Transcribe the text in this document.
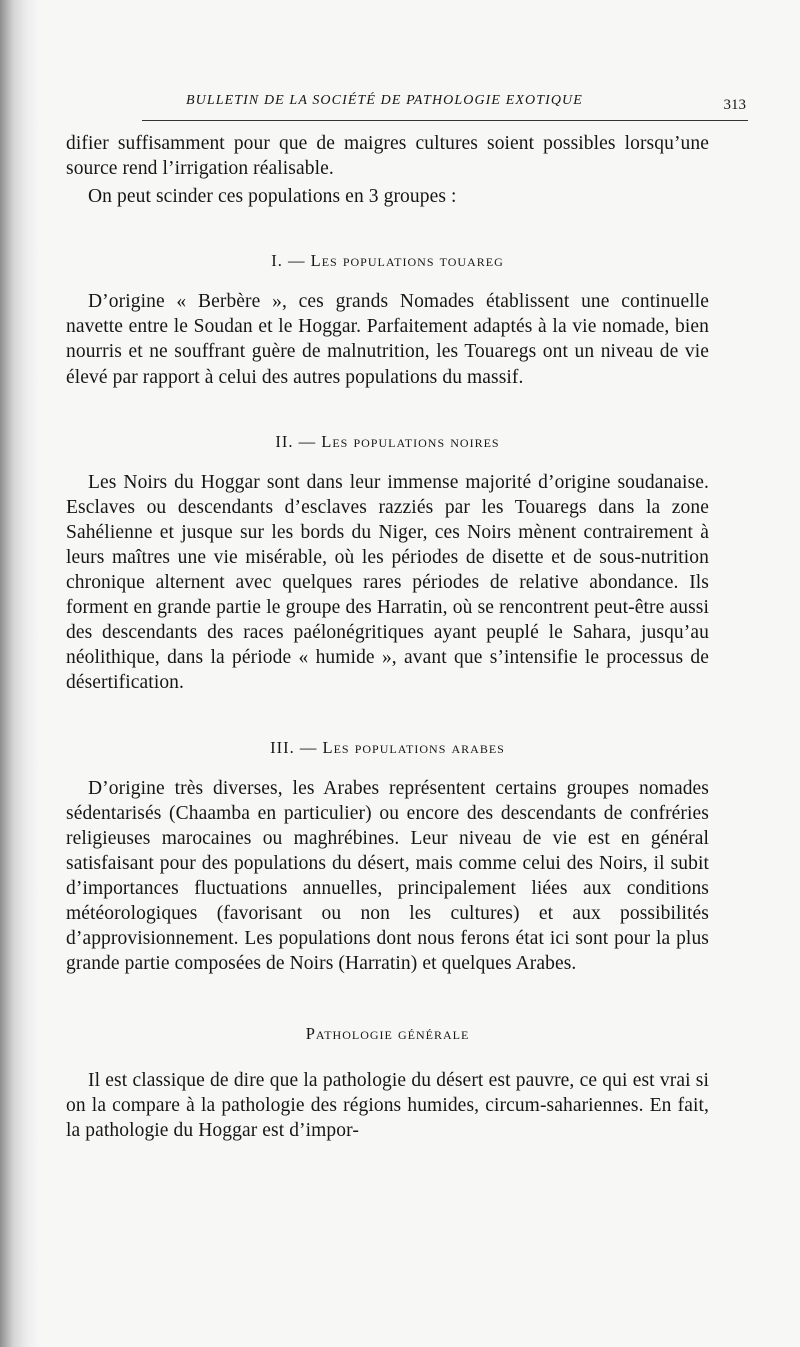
BULLETIN DE LA SOCIÉTÉ DE PATHOLOGIE EXOTIQUE	313

difier suffisamment pour que de maigres cultures soient possibles lorsqu’une source rend l’irrigation réalisable.

On peut scinder ces populations en 3 groupes :

I. — Les populations touareg

D’origine « Berbère », ces grands Nomades établissent une continuelle navette entre le Soudan et le Hoggar. Parfaitement adaptés à la vie nomade, bien nourris et ne souffrant guère de malnutrition, les Touaregs ont un niveau de vie élevé par rapport à celui des autres populations du massif.

II. — Les populations noires

Les Noirs du Hoggar sont dans leur immense majorité d’origine soudanaise. Esclaves ou descendants d’esclaves razziés par les Touaregs dans la zone Sahélienne et jusque sur les bords du Niger, ces Noirs mènent contrairement à leurs maîtres une vie misérable, où les périodes de disette et de sous-nutrition chronique alternent avec quelques rares périodes de relative abondance. Ils forment en grande partie le groupe des Harratin, où se rencontrent peut-être aussi des descendants des races paélonégritiques ayant peuplé le Sahara, jusqu’au néolithique, dans la période « humide », avant que s’intensifie le processus de désertification.

III. — Les populations arabes

D’origine très diverses, les Arabes représentent certains groupes nomades sédentarisés (Chaamba en particulier) ou encore des descendants de confréries religieuses marocaines ou maghrébines. Leur niveau de vie est en général satisfaisant pour des populations du désert, mais comme celui des Noirs, il subit d’importances fluctuations annuelles, principalement liées aux conditions météorologiques (favorisant ou non les cultures) et aux possibilités d’approvisionnement. Les populations dont nous ferons état ici sont pour la plus grande partie composées de Noirs (Harratin) et quelques Arabes.

Pathologie générale

Il est classique de dire que la pathologie du désert est pauvre, ce qui est vrai si on la compare à la pathologie des régions humides, circum-sahariennes. En fait, la pathologie du Hoggar est d’impor-
